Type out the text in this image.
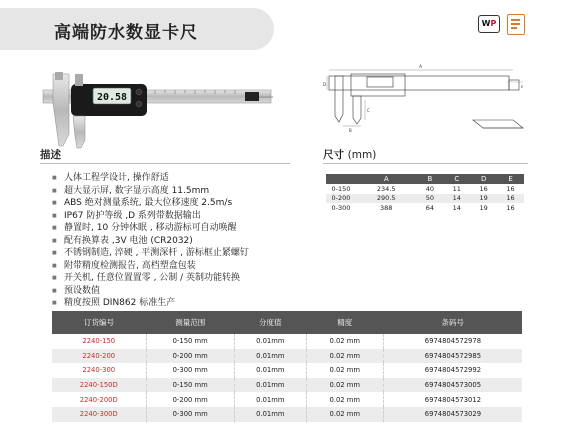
高端防水数显卡尺	WP
20.58
A
D
B
C
E
描述	尺寸 (mm)
■ 人体工程学设计, 操作舒适
■ 超大显示屏, 数字显示高度 11.5mm
■ ABS 绝对测量系统, 最大位移速度 2.5m/s
■ IP67 防护等级 ,D 系列带数据输出
■ 静置时, 10 分钟休眠 , 移动游标可自动唤醒
■ 配有换算表 ,3V 电池 (CR2032)
■ 不锈钢制造, 淬硬 , 平测深杆 , 游标框止紧螺钉
■ 附带精度检测报告, 高档塑盒包装
■ 开关机, 任意位置置零 , 公制 / 英制功能转换
■ 预设数值
■ 精度按照 DIN862 标准生产
	A	B	C	D	E
0-150	234.5	40	11	16	16
0-200	290.5	50	14	19	16
0-300	388	64	14	19	16
订货编号	测量范围	分度值	精度	条码号
2240-150	0-150 mm	0.01mm	0.02 mm	6974804572978
2240-200	0-200 mm	0.01mm	0.02 mm	6974804572985
2240-300	0-300 mm	0.01mm	0.02 mm	6974804572992
2240-150D	0-150 mm	0.01mm	0.02 mm	6974804573005
2240-200D	0-200 mm	0.01mm	0.02 mm	6974804573012
2240-300D	0-300 mm	0.01mm	0.02 mm	6974804573029
